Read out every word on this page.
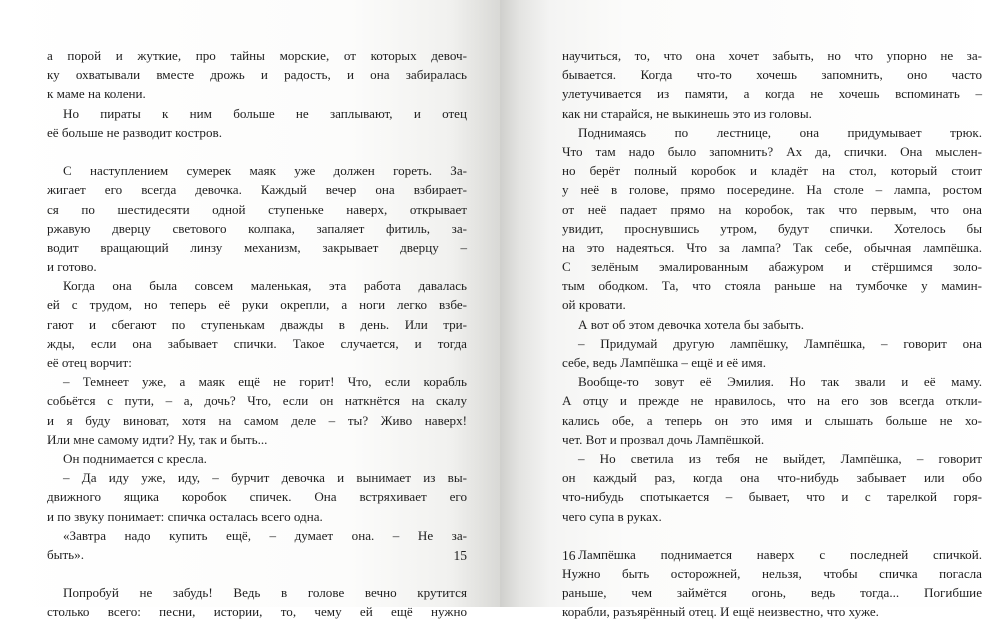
а порой и жуткие, про тайны морские, от которых девоч-
ку охватывали вместе дрожь и радость, и она забиралась
к маме на колени.
Но пираты к ним больше не заплывают, и отец
её больше не разводит костров.
С наступлением сумерек маяк уже должен гореть. За-
жигает его всегда девочка. Каждый вечер она взбирает-
ся по шестидесяти одной ступеньке наверх, открывает
ржавую дверцу светового колпака, запаляет фитиль, за-
водит вращающий линзу механизм, закрывает дверцу –
и готово.
Когда она была совсем маленькая, эта работа давалась
ей с трудом, но теперь её руки окрепли, а ноги легко взбе-
гают и сбегают по ступенькам дважды в день. Или три-
жды, если она забывает спички. Такое случается, и тогда
её отец ворчит:
– Темнеет уже, а маяк ещё не горит! Что, если корабль
собьётся с пути, – а, дочь? Что, если он наткнётся на скалу
и я буду виноват, хотя на самом деле – ты? Живо наверх!
Или мне самому идти? Ну, так и быть...
Он поднимается с кресла.
– Да иду уже, иду, – бурчит девочка и вынимает из вы-
движного ящика коробок спичек. Она встряхивает его
и по звуку понимает: спичка осталась всего одна.
«Завтра надо купить ещё, – думает она. – Не за-
быть».
Попробуй не забудь! Ведь в голове вечно крутится
столько всего: песни, истории, то, чему ей ещё нужно
15
научиться, то, что она хочет забыть, но что упорно не за-
бывается. Когда что-то хочешь запомнить, оно часто
улетучивается из памяти, а когда не хочешь вспоминать –
как ни старайся, не выкинешь это из головы.
Поднимаясь по лестнице, она придумывает трюк.
Что там надо было запомнить? Ах да, спички. Она мыслен-
но берёт полный коробок и кладёт на стол, который стоит
у неё в голове, прямо посередине. На столе – лампа, ростом
от неё падает прямо на коробок, так что первым, что она
увидит, проснувшись утром, будут спички. Хотелось бы
на это надеяться. Что за лампа? Так себе, обычная лампёшка.
С зелёным эмалированным абажуром и стёршимся золо-
тым ободком. Та, что стояла раньше на тумбочке у мамин-
ой кровати.
А вот об этом девочка хотела бы забыть.
– Придумай другую лампёшку, Лампёшка, – говорит она
себе, ведь Лампёшка – ещё и её имя.
Вообще-то зовут её Эмилия. Но так звали и её маму.
А отцу и прежде не нравилось, что на его зов всегда откли-
кались обе, а теперь он это имя и слышать больше не хо-
чет. Вот и прозвал дочь Лампёшкой.
– Но светила из тебя не выйдет, Лампёшка, – говорит
он каждый раз, когда она что-нибудь забывает или обо
что-нибудь спотыкается – бывает, что и с тарелкой горя-
чего супа в руках.
Лампёшка поднимается наверх с последней спичкой.
Нужно быть осторожней, нельзя, чтобы спичка погасла
раньше, чем займётся огонь, ведь тогда... Погибшие
корабли, разъярённый отец. И ещё неизвестно, что хуже.
16
